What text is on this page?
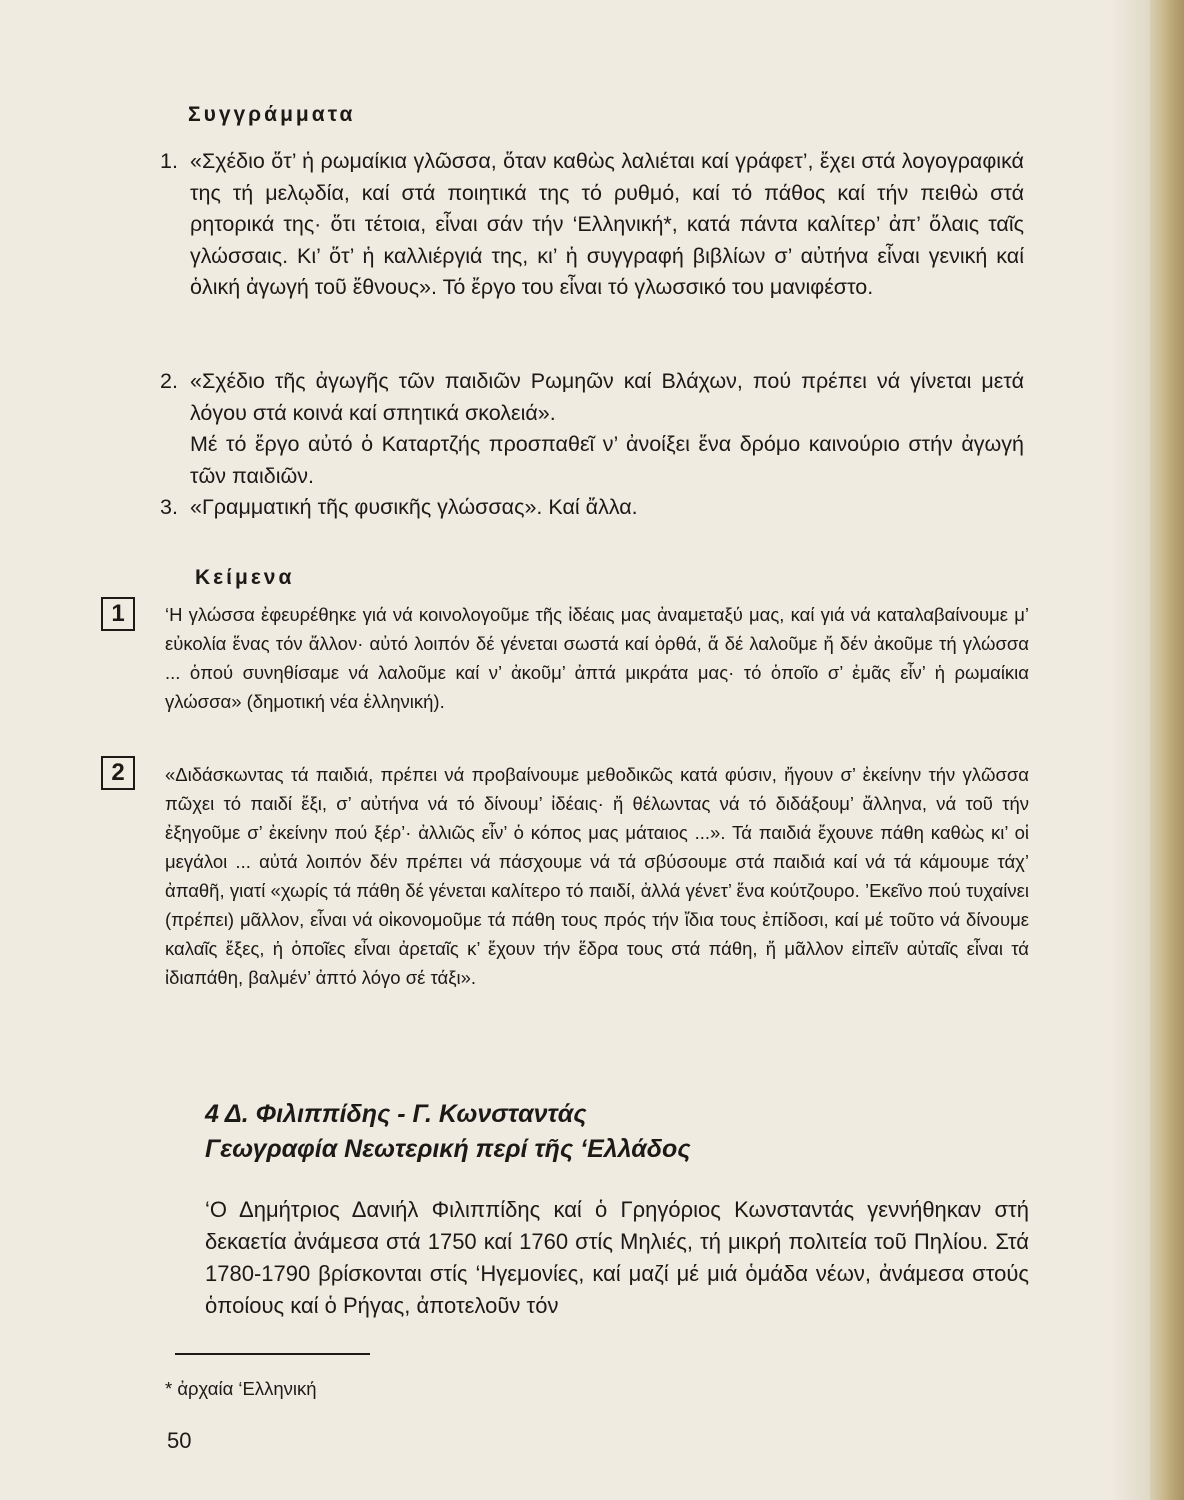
Συγγράμματα
1. «Σχέδιο ὅτ’ ἡ ρωμαίκια γλῶσσα, ὅταν καθὼς λαλιέται καί γράφετ’, ἔχει στά λογογραφικά της τή μελῳδία, καί στά ποιητικά της τό ρυθμό, καί τό πάθος καί τήν πειθὼ στά ρητορικά της· ὅτι τέτοια, εἶναι σάν τήν ‘Ελληνική*, κατά πάντα καλίτερ’ ἀπ’ ὅλαις ταῖς γλώσσαις. Κι’ ὅτ’ ἡ καλλιέργιά της, κι’ ἡ συγγραφή βιβλίων σ’ αὐτήνα εἶναι γενική καί ὁλική ἀγωγή τοῦ ἔθνους». Τό ἔργο του εἶναι τό γλωσσικό του μανιφέστο.
2. «Σχέδιο τῆς ἀγωγῆς τῶν παιδιῶν Ρωμηῶν καί Βλάχων, πού πρέπει νά γίνεται μετά λόγου στά κοινά καί σπητικά σκολειά».
Μέ τό ἔργο αὐτό ὁ Καταρτζής προσπαθεῖ ν’ ἀνοίξει ἕνα δρόμο καινούριο στήν ἀγωγή τῶν παιδιῶν.
3. «Γραμματική τῆς φυσικῆς γλώσσας». Καί ἄλλα.
Κείμενα
1	‘Η γλώσσα ἐφευρέθηκε γιά νά κοινολογοῦμε τῆς ἰδέαις μας ἀναμεταξύ μας, καί γιά νά καταλαβαίνουμε μ’ εὐκολία ἕνας τόν ἄλλον· αὐτό λοιπόν δέ γένεται σωστά καί ὀρθά, ἅ δέ λαλοῦμε ἤ δέν ἀκοῦμε τή γλώσσα ... ὁπού συνηθίσαμε νά λαλοῦμε καί ν’ ἀκοῦμ’ ἀπτά μικράτα μας· τό ὁποῖο σ’ ἐμᾶς εἶν’ ἡ ρωμαίκια γλώσσα» (δημοτική νέα ἑλληνική).
2	«Διδάσκωντας τά παιδιά, πρέπει νά προβαίνουμε μεθοδικῶς κατά φύσιν, ἤγουν σ’ ἐκείνην τήν γλῶσσα πῶχει τό παιδί ἔξι, σ’ αὐτήνα νά τό δίνουμ’ ἰδέαις· ἤ θέλωντας νά τό διδάξουμ’ ἄλληνα, νά τοῦ τήν ἐξηγοῦμε σ’ ἐκείνην πού ξέρ’· ἀλλιῶς εἶν’ ὁ κόπος μας μάταιος ...». Τά παιδιά ἔχουνε πάθη καθὼς κι’ οἱ μεγάλοι ... αὐτά λοιπόν δέν πρέπει νά πάσχουμε νά τά σβύσουμε στά παιδιά καί νά τά κάμουμε τάχ’ ἀπαθῆ, γιατί «χωρίς τά πάθη δέ γένεται καλίτερο τό παιδί, ἀλλά γένετ’ ἕνα κούτζουρο. ’Εκεῖνο πού τυχαίνει (πρέπει) μᾶλλον, εἶναι νά οἰκονομοῦμε τά πάθη τους πρός τήν ἴδια τους ἐπίδοσι, καί μέ τοῦτο νά δίνουμε καλαῖς ἔξες, ἡ ὁποῖες εἶναι ἀρεταῖς κ’ ἔχουν τήν ἕδρα τους στά πάθη, ἤ μᾶλλον εἰπεῖν αὐταῖς εἶναι τά ἰδιαπάθη, βαλμέν’ ἀπτό λόγο σέ τάξι».
4 Δ. Φιλιππίδης - Γ. Κωνσταντάς
Γεωγραφία Νεωτερική περί τῆς ‘Ελλάδος
‘Ο Δημήτριος Δανιήλ Φιλιππίδης καί ὁ Γρηγόριος Κωνσταντάς γεννήθηκαν στή δεκαετία ἀνάμεσα στά 1750 καί 1760 στίς Μηλιές, τή μικρή πολιτεία τοῦ Πηλίου. Στά 1780-1790 βρίσκονται στίς ‘Ηγεμονίες, καί μαζί μέ μιά ὁμάδα νέων, ἀνάμεσα στούς ὁποίους καί ὁ Ρήγας, ἀποτελοῦν τόν
* ἀρχαία ‘Ελληνική
50
